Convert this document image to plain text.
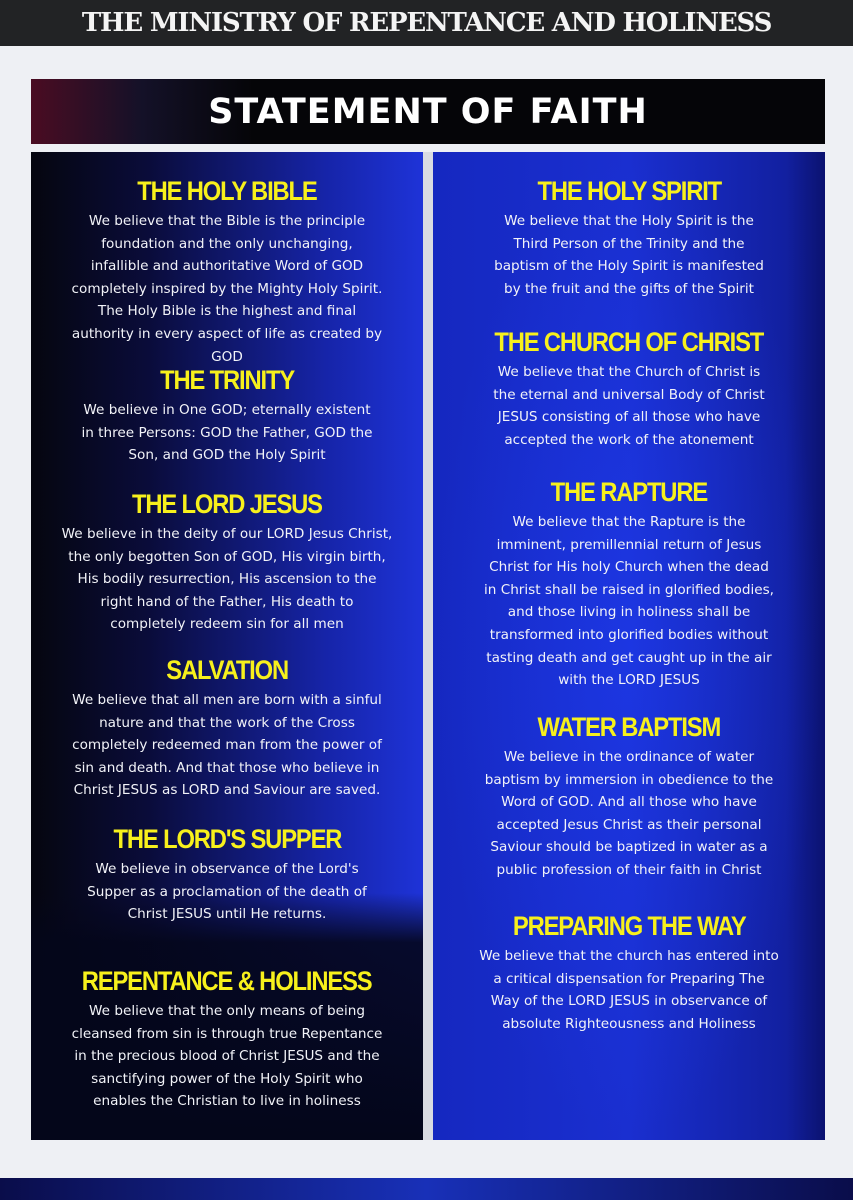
THE MINISTRY OF REPENTANCE AND HOLINESS
STATEMENT OF FAITH
THE HOLY BIBLE
We believe that the Bible is the principle foundation and the only unchanging, infallible and authoritative Word of GOD completely inspired by the Mighty Holy Spirit. The Holy Bible is the highest and final authority in every aspect of life as created by GOD
THE TRINITY
We believe in One GOD; eternally existent in three Persons: GOD the Father, GOD the Son, and GOD the Holy Spirit
THE LORD JESUS
We believe in the deity of our LORD Jesus Christ, the only begotten Son of GOD, His virgin birth, His bodily resurrection, His ascension to the right hand of the Father, His death to completely redeem sin for all men
SALVATION
We believe that all men are born with a sinful nature and that the work of the Cross completely redeemed man from the power of sin and death. And that those who believe in Christ JESUS as LORD and Saviour are saved.
THE LORD'S SUPPER
We believe in observance of the Lord's Supper as a proclamation of the death of Christ JESUS until He returns.
REPENTANCE & HOLINESS
We believe that the only means of being cleansed from sin is through true Repentance in the precious blood of Christ JESUS and the sanctifying power of the Holy Spirit who enables the Christian to live in holiness
THE HOLY SPIRIT
We believe that the Holy Spirit is the Third Person of the Trinity and the baptism of the Holy Spirit is manifested by the fruit and the gifts of the Spirit
THE CHURCH OF CHRIST
We believe that the Church of Christ is the eternal and universal Body of Christ JESUS consisting of all those who have accepted the work of the atonement
THE RAPTURE
We believe that the Rapture is the imminent, premillennial return of Jesus Christ for His holy Church when the dead in Christ shall be raised in glorified bodies, and those living in holiness shall be transformed into glorified bodies without tasting death and get caught up in the air with the LORD JESUS
WATER BAPTISM
We believe in the ordinance of water baptism by immersion in obedience to the Word of GOD. And all those who have accepted Jesus Christ as their personal Saviour should be baptized in water as a public profession of their faith in Christ
PREPARING THE WAY
We believe that the church has entered into a critical dispensation for Preparing The Way of the LORD JESUS in observance of absolute Righteousness and Holiness
